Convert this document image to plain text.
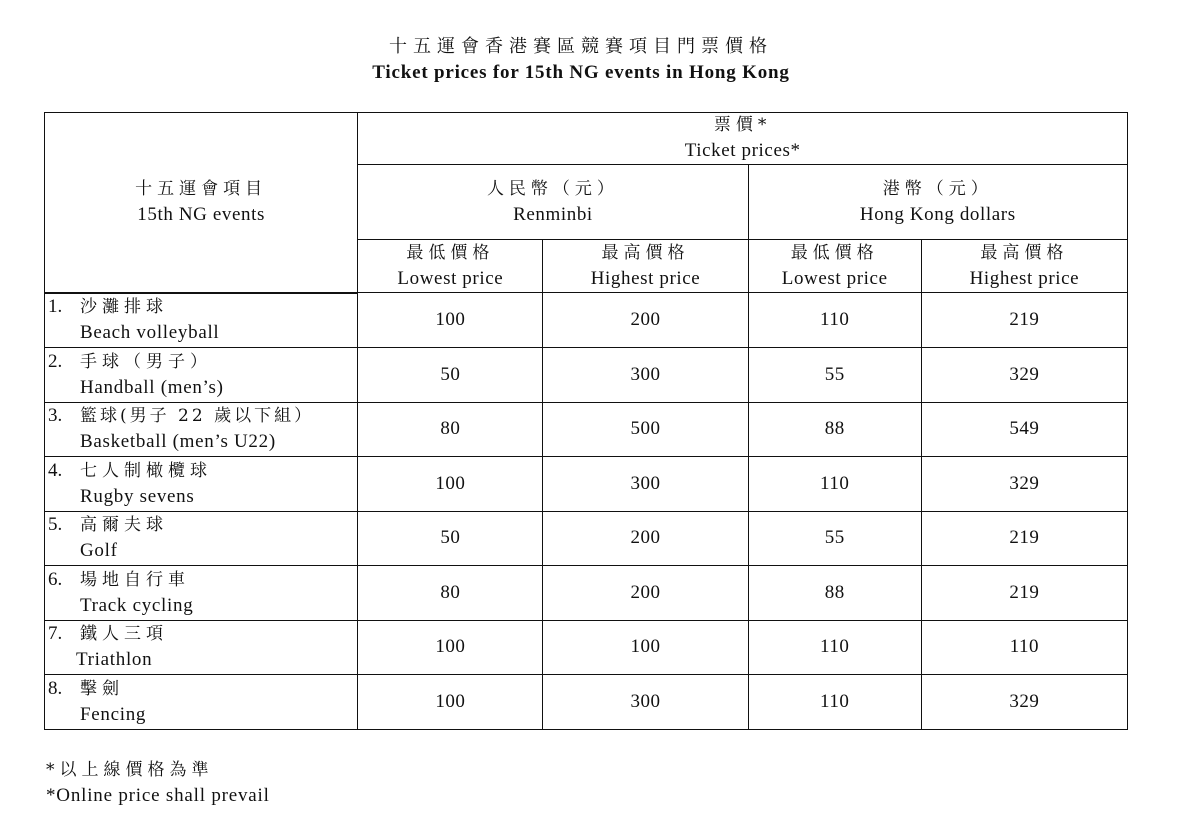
十五運會香港賽區競賽項目門票價格
Ticket prices for 15th NG events in Hong Kong
十五運會項目
15th NG events	票價*
Ticket prices*			

	人民幣（元）
Renminbi		港幣（元）
Hong Kong dollars	

	最低價格
Lowest price	最高價格
Highest price	最低價格
Lowest price	最高價格
Highest price

1. 沙灘排球
Beach volleyball	100	200	110	219

2. 手球（男子）
Handball (men’s)	50	300	55	329

3. 籃球(男子 22 歲以下組）
Basketball (men’s U22)	80	500	88	549

4. 七人制橄欖球
Rugby sevens	100	300	110	329

5. 高爾夫球
Golf	50	200	55	219

6. 場地自行車
Track cycling	80	200	88	219

7. 鐵人三項
Triathlon	100	100	110	110

8. 擊劍
Fencing	100	300	110	329
*以上線價格為準
*Online price shall prevail
